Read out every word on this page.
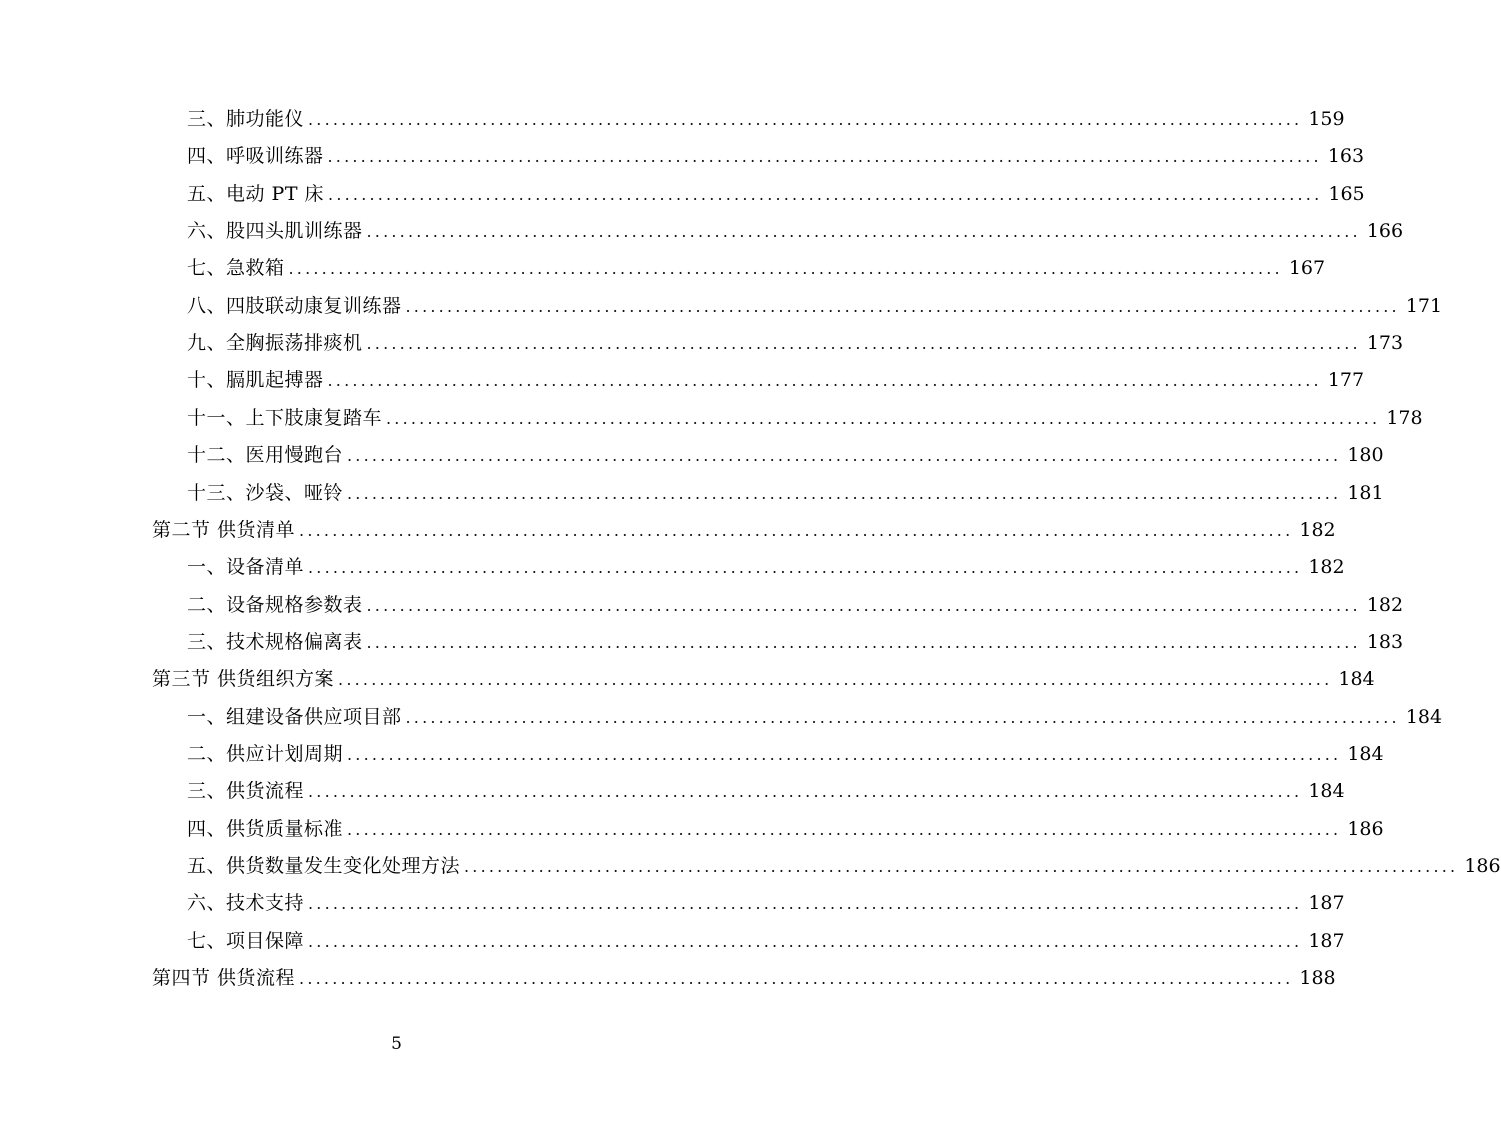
三、肺功能仪 ........................................................................................................................ 159
四、呼吸训练器 ........................................................................................................................ 163
五、电动 PT 床 ........................................................................................................................ 165
六、股四头肌训练器 ........................................................................................................................ 166
七、急救箱 ........................................................................................................................ 167
八、四肢联动康复训练器 ........................................................................................................................ 171
九、全胸振荡排痰机 ........................................................................................................................ 173
十、膈肌起搏器 ........................................................................................................................ 177
十一、上下肢康复踏车 ........................................................................................................................ 178
十二、医用慢跑台 ........................................................................................................................ 180
十三、沙袋、哑铃 ........................................................................................................................ 181
第二节 供货清单 ........................................................................................................................ 182
一、设备清单 ........................................................................................................................ 182
二、设备规格参数表 ........................................................................................................................ 182
三、技术规格偏离表 ........................................................................................................................ 183
第三节 供货组织方案 ........................................................................................................................ 184
一、组建设备供应项目部 ........................................................................................................................ 184
二、供应计划周期 ........................................................................................................................ 184
三、供货流程 ........................................................................................................................ 184
四、供货质量标准 ........................................................................................................................ 186
五、供货数量发生变化处理方法 ........................................................................................................................ 186
六、技术支持 ........................................................................................................................ 187
七、项目保障 ........................................................................................................................ 187
第四节 供货流程 ........................................................................................................................ 188
5
